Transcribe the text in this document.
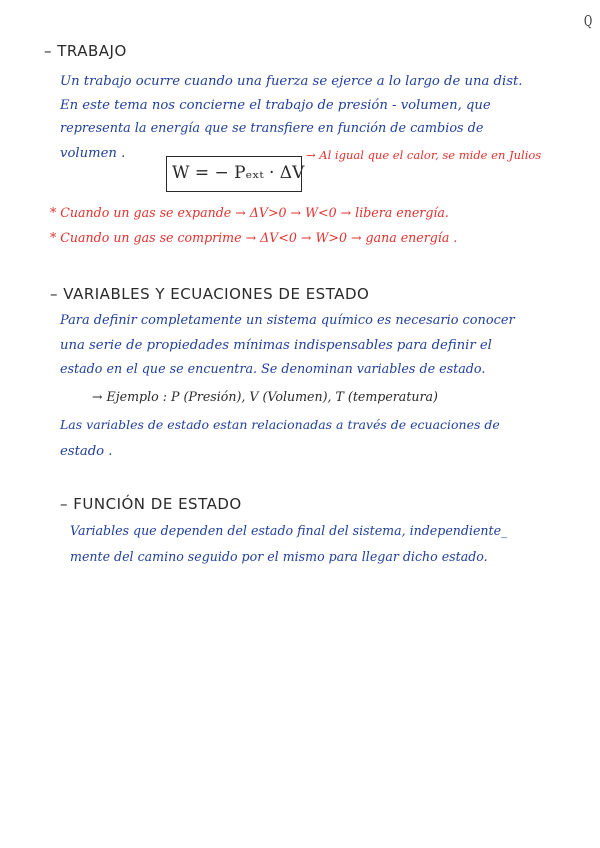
Q
– TRABAJO
Un trabajo ocurre cuando una fuerza se ejerce a lo largo de una dist.
En este tema nos concierne el trabajo de presión - volumen, que
representa la energía que se transfiere en función de cambios de
volumen .
W = − Pₑₓₜ · ΔV
→ Al igual que el calor, se mide en Julios
* Cuando un gas se expande → ΔV>0 → W<0 → libera energía.
* Cuando un gas se comprime → ΔV<0 → W>0 → gana energía .
– VARIABLES Y ECUACIONES DE ESTADO
Para definir completamente un sistema químico es necesario conocer
una serie de propiedades mínimas indispensables para definir el
estado en el que se encuentra. Se denominan variables de estado.
→ Ejemplo : P (Presión), V (Volumen), T (temperatura)
Las variables de estado estan relacionadas a través de ecuaciones de
estado .
– FUNCIÓN DE ESTADO
Variables que dependen del estado final del sistema, independiente_
mente del camino seguido por el mismo para llegar dicho estado.
